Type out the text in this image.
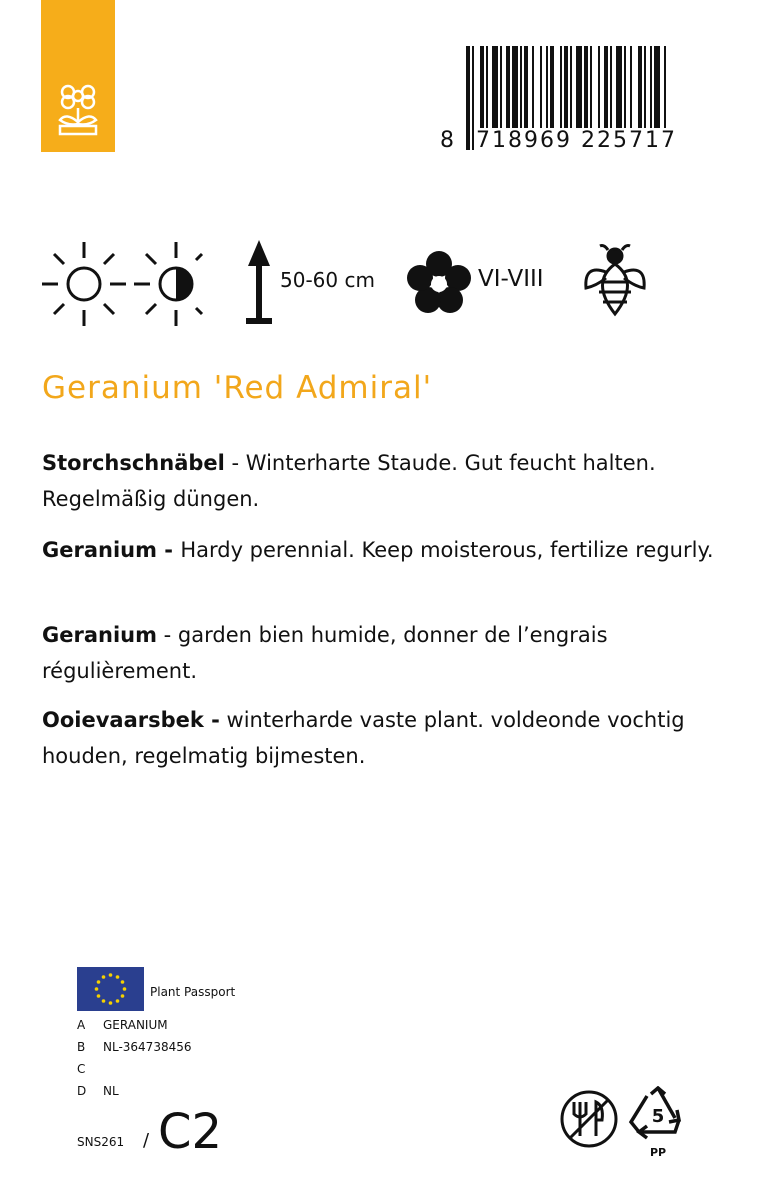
718969 225717
8
50-60 cm	VI-VIII
Geranium 'Red Admiral'
Storchschnäbel - Winterharte Staude. Gut feucht halten. Regelmäßig düngen.
Geranium - Hardy perennial. Keep moisterous, fertilize regurly.
Geranium - garden bien humide, donner de l’engrais régulièrement.
Ooievaarsbek - winterharde vaste plant. voldeonde vochtig houden, regelmatig bijmesten.
Plant Passport
A GERANIUM
B NL-364738456
C
D NL
SNS261 / C2	5
PP
